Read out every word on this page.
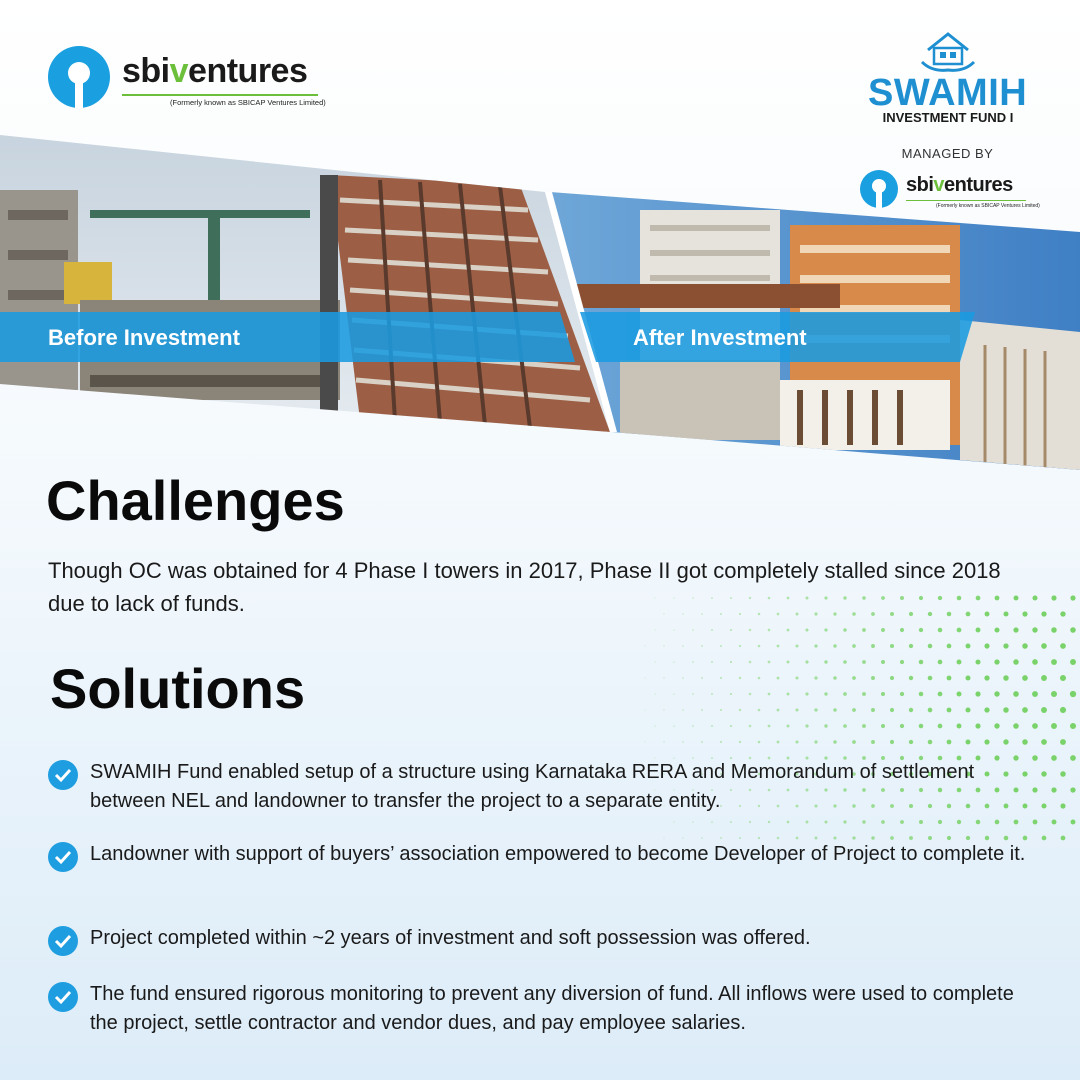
Before Investment	After Investment
sbiventures
(Formerly known as SBICAP Ventures Limited)	SWAMIH
INVESTMENT FUND I
MANAGED BY
sbiventures
(Formerly known as SBICAP Ventures Limited)
Challenges
Though OC was obtained for 4 Phase I towers in 2017, Phase II got completely stalled since 2018 due to lack of funds.
Solutions
SWAMIH Fund enabled setup of a structure using Karnataka RERA and Memorandum of settlement between NEL and landowner to transfer the project to a separate entity.
Landowner with support of buyers’ association empowered to become Developer of Project to complete it.
Project completed within ~2 years of investment and soft possession was offered.
The fund ensured rigorous monitoring to prevent any diversion of fund. All inflows were used to complete the project, settle contractor and vendor dues, and pay employee salaries.
